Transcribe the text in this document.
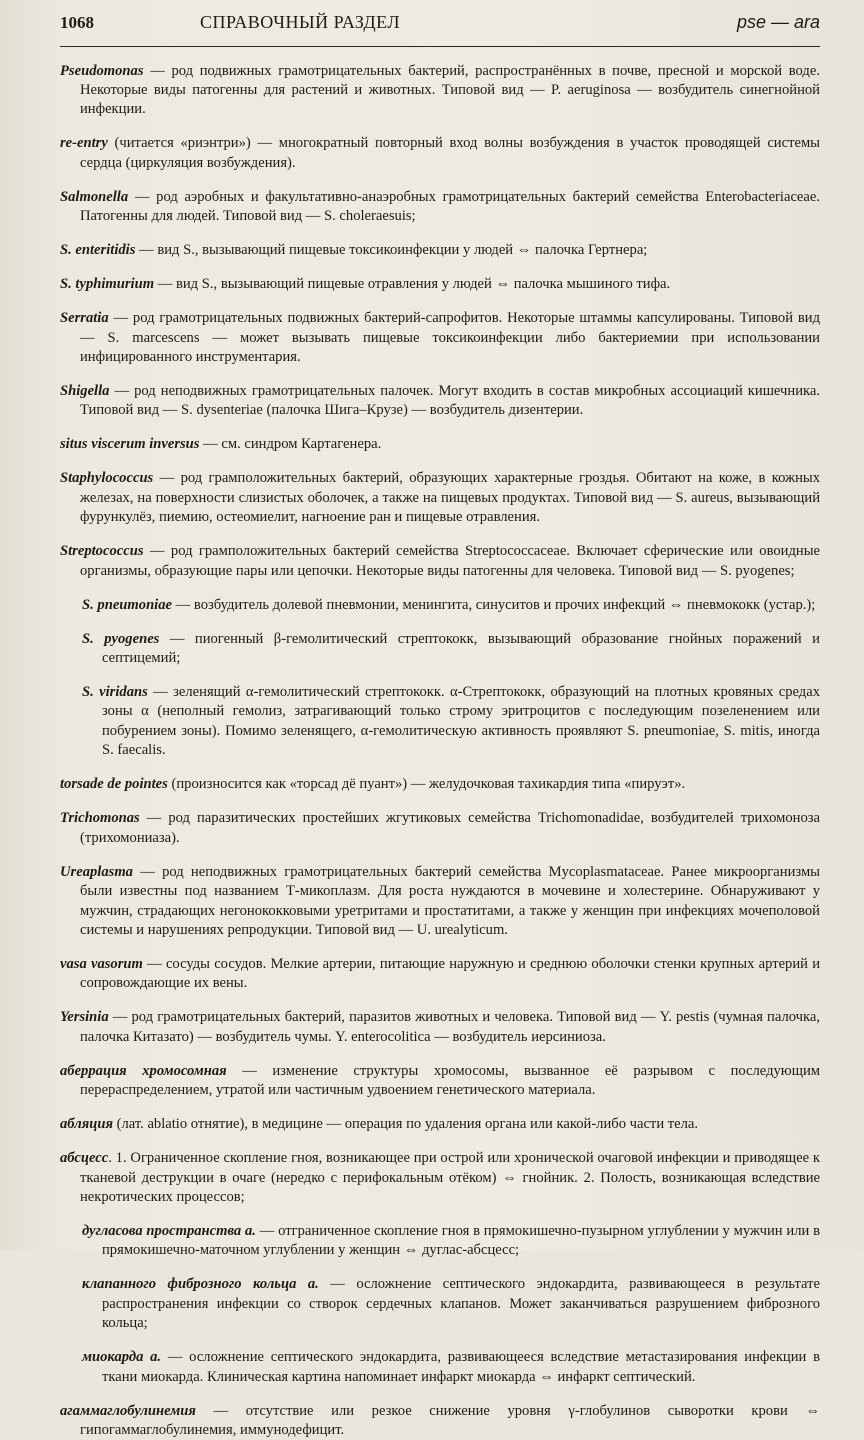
1068	СПРАВОЧНЫЙ РАЗДЕЛ	pse — ara

Pseudomonas — род подвижных грамотрицательных бактерий, распространённых в почве, пресной и морской воде. Некоторые виды патогенны для растений и животных. Типовой вид — P. aeruginosa — возбудитель синегнойной инфекции.

re-entry (читается «риэнтри») — многократный повторный вход волны возбуждения в участок проводящей системы сердца (циркуляция возбуждения).

Salmonella — род аэробных и факультативно-анаэробных грамотрицательных бактерий семейства Enterobacteriaceae. Патогенны для людей. Типовой вид — S. choleraesuis;

S. enteritidis — вид S., вызывающий пищевые токсикоинфекции у людей ⇔ палочка Гертнера;

S. typhimurium — вид S., вызывающий пищевые отравления у людей ⇔ палочка мышиного тифа.

Serratia — род грамотрицательных подвижных бактерий-сапрофитов. Некоторые штаммы капсулированы. Типовой вид — S. marcescens — может вызывать пищевые токсикоинфекции либо бактериемии при использовании инфицированного инструментария.

Shigella — род неподвижных грамотрицательных палочек. Могут входить в состав микробных ассоциаций кишечника. Типовой вид — S. dysenteriae (палочка Шига–Крузе) — возбудитель дизентерии.

situs viscerum inversus — см. синдром Картагенера.

Staphylococcus — род грамположительных бактерий, образующих характерные гроздья. Обитают на коже, в кожных железах, на поверхности слизистых оболочек, а также на пищевых продуктах. Типовой вид — S. aureus, вызывающий фурункулёз, пиемию, остеомиелит, нагноение ран и пищевые отравления.

Streptococcus — род грамположительных бактерий семейства Streptococcaceae. Включает сферические или овоидные организмы, образующие пары или цепочки. Некоторые виды патогенны для человека. Типовой вид — S. pyogenes;

S. pneumoniae — возбудитель долевой пневмонии, менингита, синуситов и прочих инфекций ⇔ пневмококк (устар.);

S. pyogenes — пиогенный β-гемолитический стрептококк, вызывающий образование гнойных поражений и септицемий;

S. viridans — зеленящий α-гемолитический стрептококк. α-Стрептококк, образующий на плотных кровяных средах зоны α (неполный гемолиз, затрагивающий только строму эритроцитов с последующим позеленением или побурением зоны). Помимо зеленящего, α-гемолитическую активность проявляют S. pneumoniae, S. mitis, иногда S. faecalis.

torsade de pointes (произносится как «торсад дё пуант») — желудочковая тахикардия типа «пируэт».

Trichomonas — род паразитических простейших жгутиковых семейства Trichomonadidae, возбудителей трихомоноза (трихомониаза).

Ureaplasma — род неподвижных грамотрицательных бактерий семейства Mycoplasmataceae. Ранее микроорганизмы были известны под названием Т-микоплазм. Для роста нуждаются в мочевине и холестерине. Обнаруживают у мужчин, страдающих негонококковыми уретритами и простатитами, а также у женщин при инфекциях мочеполовой системы и нарушениях репродукции. Типовой вид — U. urealyticum.

vasa vasorum — сосуды сосудов. Мелкие артерии, питающие наружную и среднюю оболочки стенки крупных артерий и сопровождающие их вены.

Yersinia — род грамотрицательных бактерий, паразитов животных и человека. Типовой вид — Y. pestis (чумная палочка, палочка Китазато) — возбудитель чумы. Y. enterocolitica — возбудитель иерсиниоза.

аберрация хромосомная — изменение структуры хромосомы, вызванное её разрывом с последующим перераспределением, утратой или частичным удвоением генетического материала.

абляция (лат. ablatio отнятие), в медицине — операция по удаления органа или какой-либо части тела.

абсцесс. 1. Ограниченное скопление гноя, возникающее при острой или хронической очаговой инфекции и приводящее к тканевой деструкции в очаге (нередко с перифокальным отёком) ⇔ гнойник. 2. Полость, возникающая вследствие некротических процессов;

дугласова пространства а. — отграниченное скопление гноя в прямокишечно-пузырном углублении у мужчин или в прямокишечно-маточном углублении у женщин ⇔ дуглас-абсцесс;

клапанного фиброзного кольца а. — осложнение септического эндокардита, развивающееся в результате распространения инфекции со створок сердечных клапанов. Может заканчиваться разрушением фиброзного кольца;

миокарда а. — осложнение септического эндокардита, развивающееся вследствие метастазирования инфекции в ткани миокарда. Клиническая картина напоминает инфаркт миокарда ⇔ инфаркт септический.

агаммаглобулинемия — отсутствие или резкое снижение уровня γ-глобулинов сыворотки крови ⇔ гипогаммаглобулинемия, иммунодефицит.
